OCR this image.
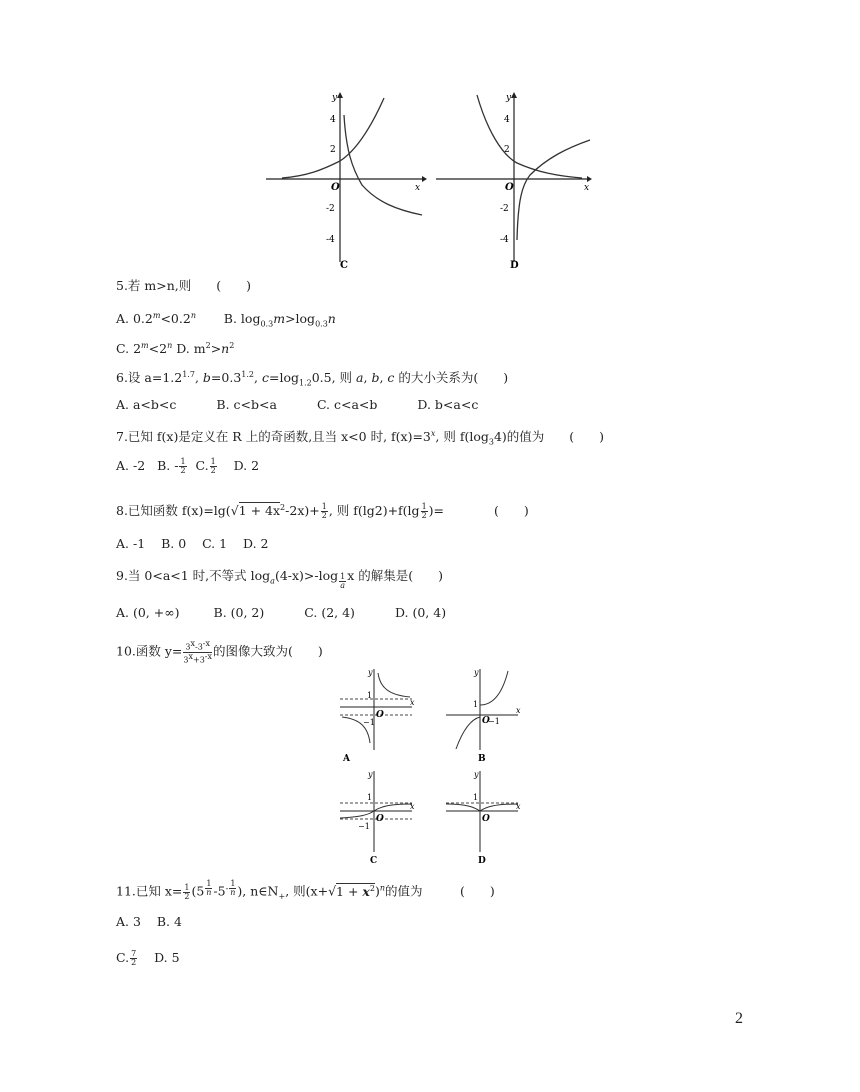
y
x
4
2
-2
-4
O
C
y
x
4
2
-2
-4
O
D
5.若 m>n,则　　(　　)
A. $0.2^m<0.2^n$ B. $\log_{0.3}m>\log_{0.3}n$
C. $2^m<2^n$ D. $m^2>n^2$
6.设 $a=1.2^{1.7}$, $b=0.3^{1.2}$, $c=\log_{1.2}0.5$, 则 a, b, c 的大小关系为(　　)
A. a<b<c	B. c<b<a	C. c<a<b	D. b<a<c
7.已知 f(x)是定义在 R 上的奇函数,且当 x<0 时, $f(x)=3^x$, 则 $f(\log_34)$的值为　　(　　)
A. -2 B. - $\frac{1}{2} C$. $\frac{1}{2} D$. 2
8.已知函数 $f(x)=\lg(√1 + 4x^2-2x)+ \frac{1}{2}$ , 则 $f(\lg 2)+f(\lg \frac{1}{2}$ )=　　　　(　　)
A. -1 B. 0 C. 1 D. 2
9.当 0<a<1 时,不等式 $\log_a(4-x)>-\log$ $_{\frac{1}{a}}$ x 的解集是(　　)
A. (0, +∞)	B. (0, 2)	C. (2, 4)	D. (0, 4)
10.函数 $y= \frac{3^x-3^{-x}}{3^x+3^{-x}}$ 的图像大致为(　　)
x
y
1
−1
O
A
x
y
1
O
−1
B
x
y
1
−1
O
C
x
y
1
O
D
11.已知 $x= \frac{1}{2} (5$ $^{\frac{1}{n}}$ $-5^{- \frac{1}{n}}$ ), $n\in N_+$, 则$(x+√1 + x^2)^n$的值为　　　(　　)
A. 3 B. 4
C. $\frac{7}{2} D$. 5
2
